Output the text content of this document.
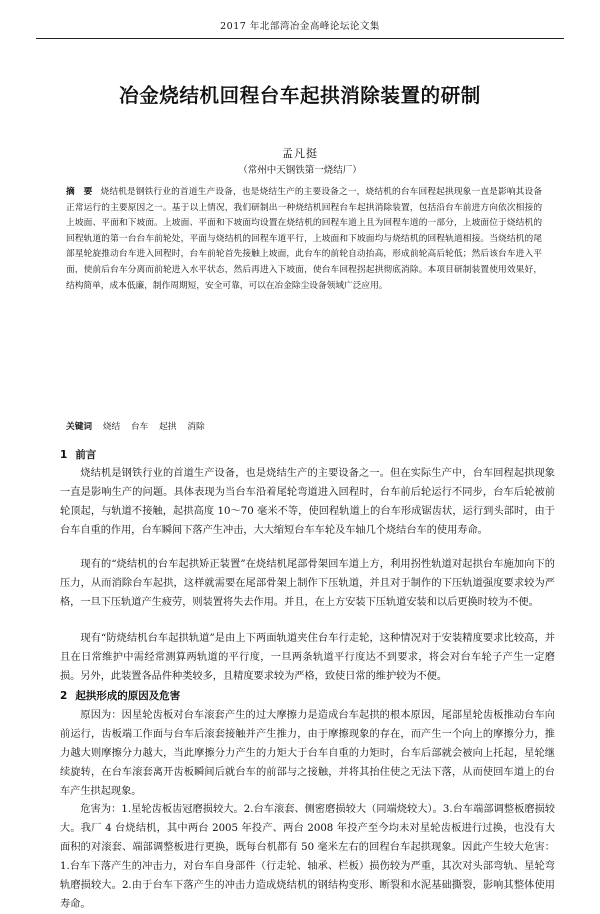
2017 年北部湾冶金高峰论坛论文集
冶金烧结机回程台车起拱消除装置的研制
孟凡挺
（常州中天钢铁第一烧结厂）
摘　要 烧结机是钢铁行业的首道生产设备，也是烧结生产的主要设备之一，烧结机的台车回程起拱现象一直是影响其设备正常运行的主要原因之一。基于以上情况，我们研制出一种烧结机回程台车起拱消除装置，包括沿台车前进方向依次相接的上坡面、平面和下坡面。上坡面、平面和下坡面均设置在烧结机的回程车道上且为回程车道的一部分，上坡面位于烧结机的回程轨道的第一台台车前轮处，平面与烧结机的回程车道平行，上坡面和下坡面均与烧结机的回程轨道相接。当烧结机的尾部星轮旋推动台车进入回程时，台车前轮首先接触上坡面，此台车的前轮自动抬高，形成前轮高后轮低；然后该台车进入平面，使前后台车分离而前轮进入水平状态，然后再进入下坡面，使台车回程拐起拱彻底消除。本项目研制装置使用效果好，结构简单，成本低廉，制作周期短，安全可靠，可以在冶金除尘设备领域广泛应用。
关键词 烧结 台车 起拱 消除
1 前言
烧结机是钢铁行业的首道生产设备，也是烧结生产的主要设备之一。但在实际生产中，台车回程起拱现象一直是影响生产的问题。具体表现为当台车沿着尾轮弯道进入回程时，台车前后轮运行不同步，台车后轮被前轮顶起，与轨道不接触，起拱高度 10～70 毫米不等，使回程轨道上的台车形成锯齿状，运行到头部时，由于台车自重的作用，台车瞬间下落产生冲击，大大缩短台车车轮及车轴几个烧结台车的使用寿命。
现有的“烧结机的台车起拱矫正装置”在烧结机尾部骨架回车道上方，利用拐性轨道对起拱台车施加向下的压力，从而消除台车起拱，这样就需要在尾部骨架上制作下压轨道，并且对于制作的下压轨道强度要求较为严格，一旦下压轨道产生疲劳，则装置将失去作用。并且，在上方安装下压轨道安装和以后更换时较为不便。
现有“防烧结机台车起拱轨道”是由上下两面轨道夹住台车行走轮，这种情况对于安装精度要求比较高，并且在日常维护中需经常测算两轨道的平行度，一旦两条轨道平行度达不到要求，将会对台车轮子产生一定磨损。另外，此装置各品件种类较多，且精度要求较为严格，致使日常的维护较为不便。
2 起拱形成的原因及危害
原因为：因星轮齿板对台车滚套产生的过大摩擦力是造成台车起拱的根本原因，尾部星轮齿板推动台车向前运行，齿板端工作面与台车后滚套接触并产生推力，由于摩擦现象的存在，而产生一个向上的摩擦分力，推力越大则摩擦分力越大，当此摩擦分力产生的力矩大于台车自重的力矩时，台车后部就会被向上托起，星轮继续旋转，在台车滚套离开齿板瞬间后就台车的前部与之接触，并将其抬住使之无法下落，从而使回车道上的台车产生拱起现象。
危害为：1.星轮齿板齿冠磨损较大。2.台车滚套、侧密磨损较大（同端烧较大）。3.台车端部调整板磨损较大。我厂 4 台烧结机，其中两台 2005 年投产、两台 2008 年投产至今均未对星轮齿板进行过换，也没有大面积的对滚套、端部调整板进行更换，既每台机都有 50 毫米左右的回程台车起拱现象。因此产生较大危害：1.台车下落产生的冲击力，对台车自身部件（行走轮、轴承、栏板）损伤较为严重，其次对头部弯轨、星轮弯轨磨损较大。2.由于台车下落产生的冲击力造成烧结机的钢结构变形、断裂和水泥基础撕裂，影响其整体使用寿命。
